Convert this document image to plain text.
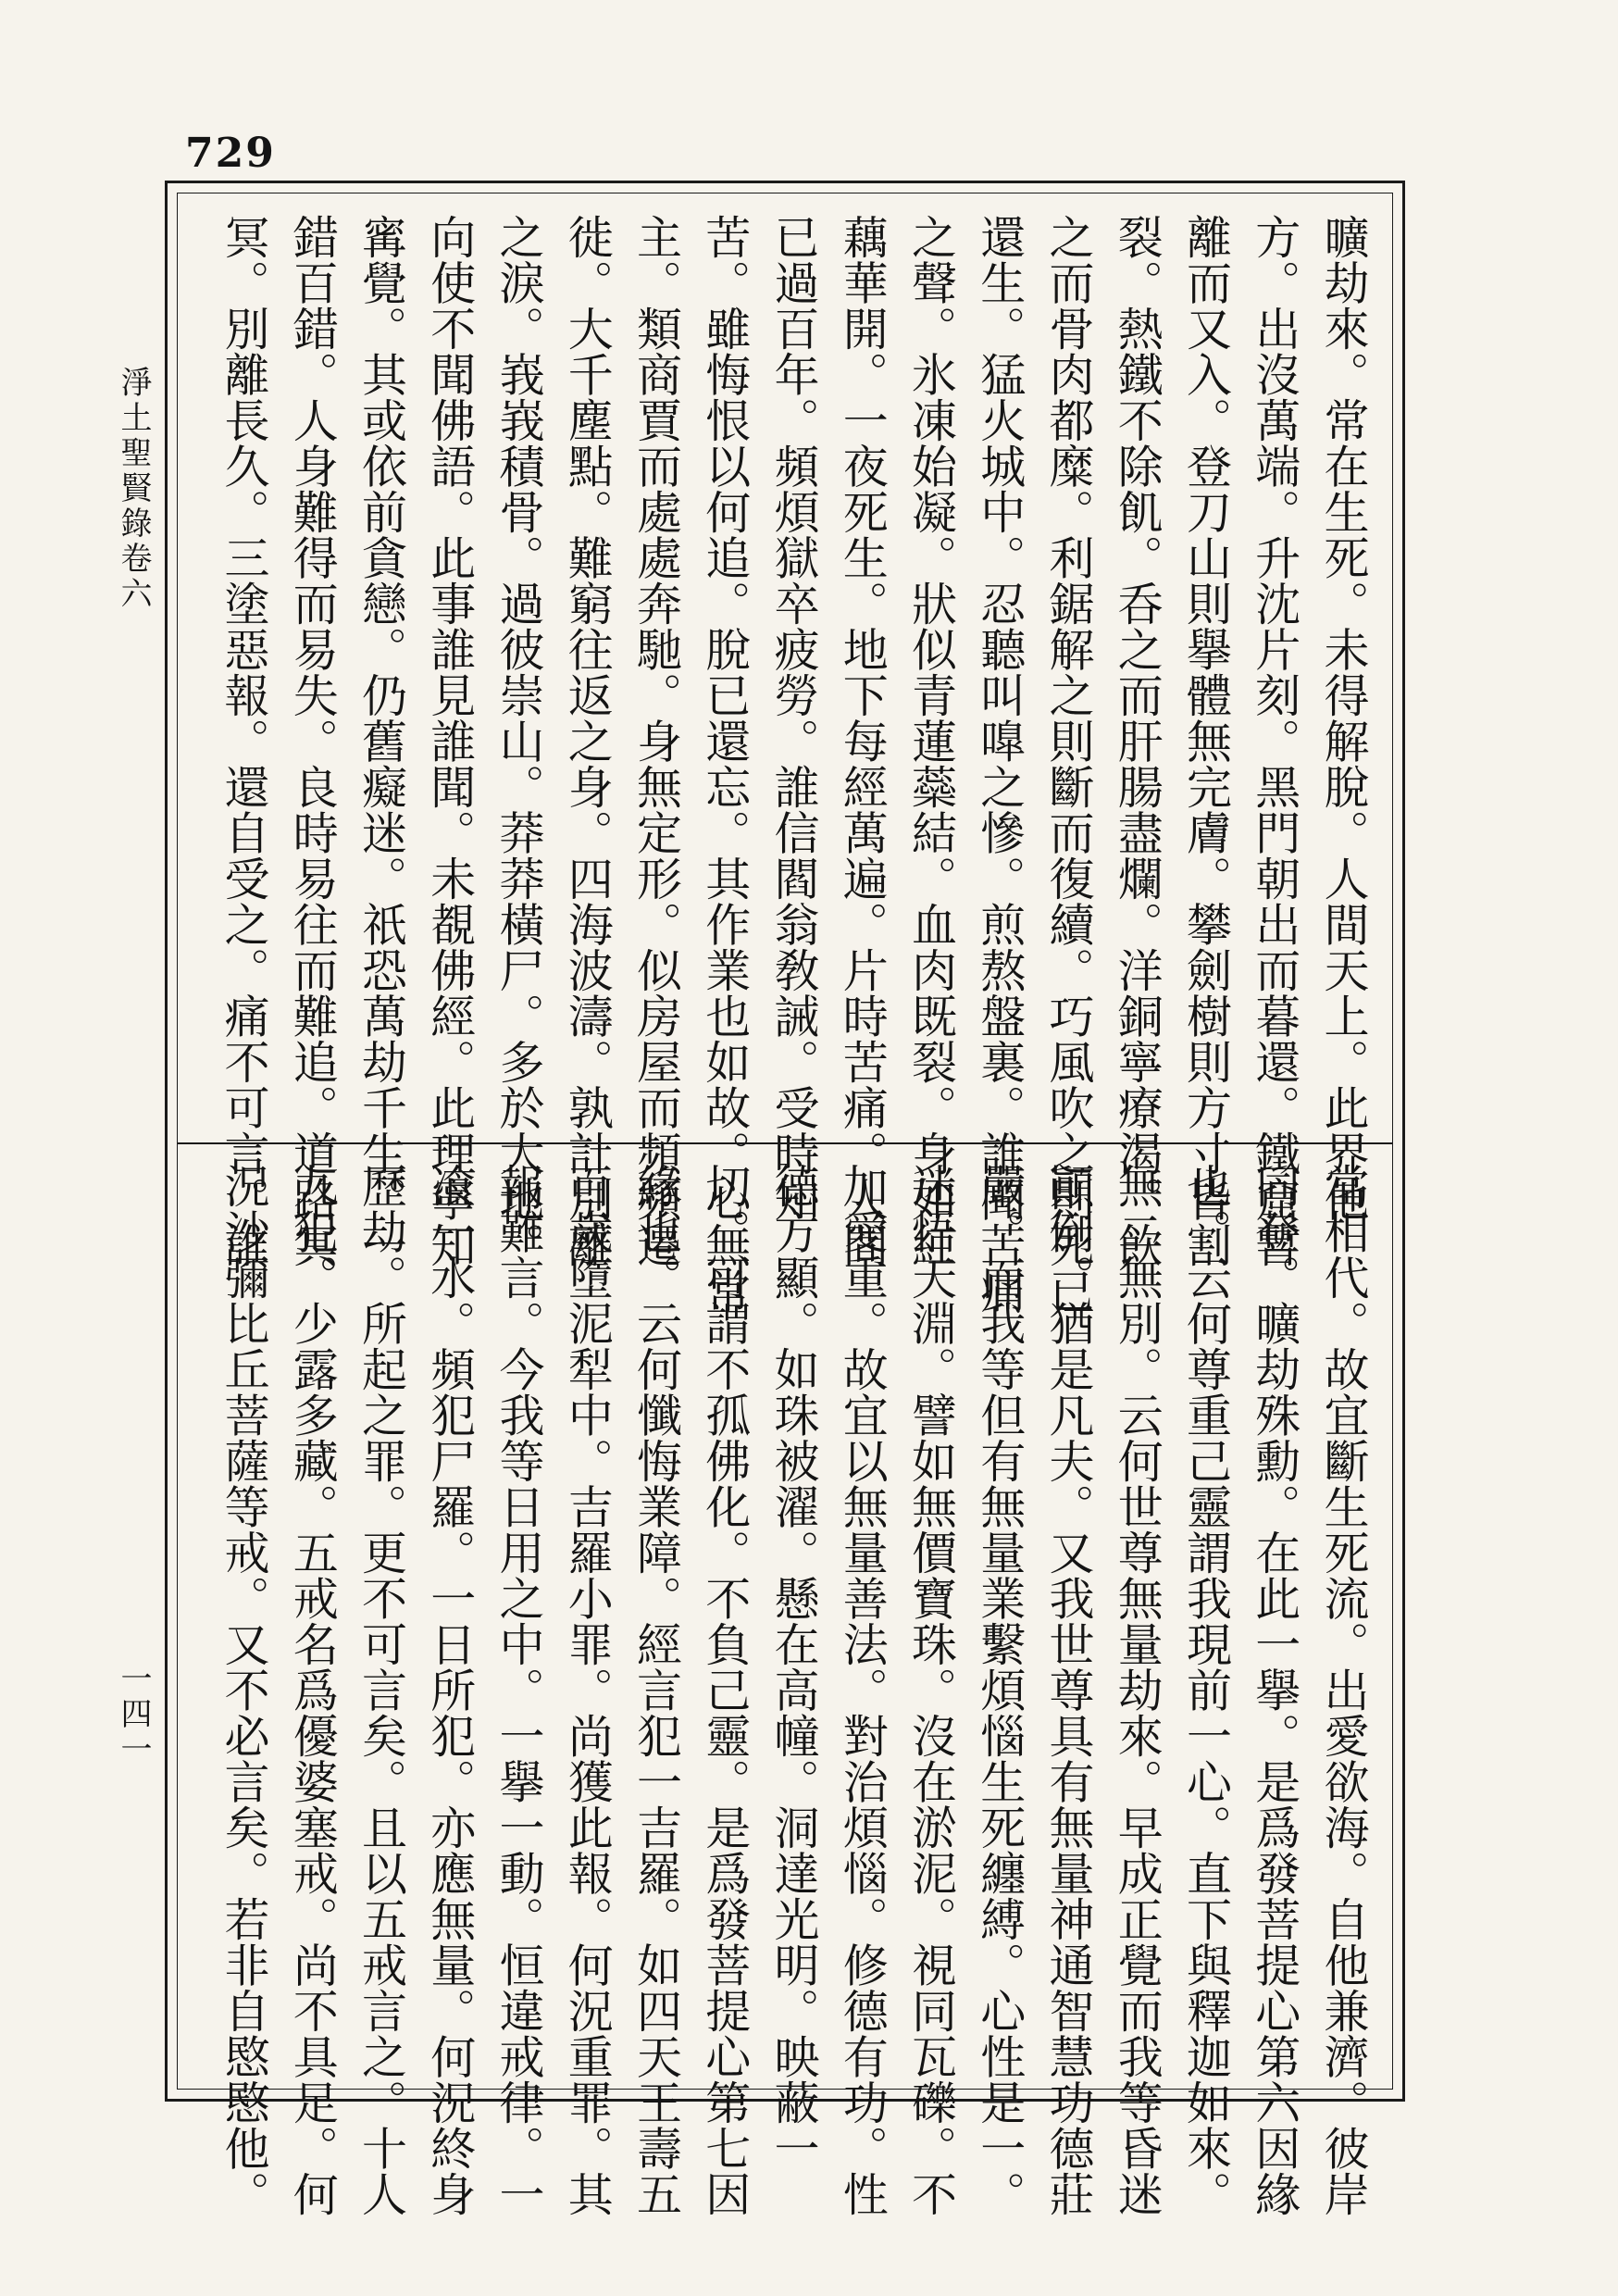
729
淨土聖賢錄卷六
一四一
曠劫來。常在生死。未得解脫。人間天上。此界他
方。出沒萬端。升沈片刻。黑門朝出而暮還。鐵窟暫
離而又入。登刀山則擧體無完膚。攀劍樹則方寸皆割
裂。熱鐵不除飢。呑之而肝腸盡爛。洋銅寧療渴。飲
之而骨肉都糜。利鋸解之則斷而復續。巧風吹之則死已
還生。猛火城中。忍聽叫嘷之慘。煎熬盤裏。誰聞苦痛
之聲。氷凍始凝。狀似青蓮蘂結。血肉既裂。身如紅
藕華開。一夜死生。地下每經萬遍。片時苦痛。人間
已過百年。頻煩獄卒疲勞。誰信閻翁敎誡。受時知
苦。雖悔恨以何追。脫已還忘。其作業也如故。心無常
主。類商賈而處處奔馳。身無定形。似房屋而頻頻遷
徙。大千塵點。難窮往返之身。四海波濤。孰計別離
之淚。峩峩積骨。過彼崇山。莽莽橫尸。多於大地。
向使不聞佛語。此事誰見誰聞。未覩佛經。此理寧知
寗覺。其或依前貪戀。仍舊癡迷。祇恐萬劫千生。一
錯百錯。人身難得而易失。良時易往而難追。道路冥
冥。別離長久。三塗惡報。還自受之。痛不可言。誰
當相代。故宜斷生死流。出愛欲海。自他兼濟。彼岸
同登。曠劫殊勳。在此一擧。是爲發菩提心第六因緣
也。云何尊重己靈謂我現前一心。直下與釋迦如來。
無二無別。云何世尊無量劫來。早成正覺而我等昏迷
顚倒。猶是凡夫。又我世尊具有無量神通智慧功德莊
嚴。而我等但有無量業繫煩惱生死纏縛。心性是一。
迷悟天淵。譬如無價寶珠。沒在淤泥。視同瓦礫。不
加愛重。故宜以無量善法。對治煩惱。修德有功。性
德方顯。如珠被濯。懸在高幢。洞達光明。映蔽一
切。可謂不孤佛化。不負己靈。是爲發菩提心第七因
緣也。云何懺悔業障。經言犯一吉羅。如四天王壽五
百歲墮泥犁中。吉羅小罪。尚獲此報。何況重罪。其
報難言。今我等日用之中。一擧一動。恒違戒律。一
飡一水。頻犯尸羅。一日所犯。亦應無量。何況終身
歷劫。所起之罪。更不可言矣。且以五戒言之。十人
九犯。少露多藏。五戒名爲優婆塞戒。尚不具足。何
況沙彌比丘菩薩等戒。又不必言矣。若非自愍愍他。
